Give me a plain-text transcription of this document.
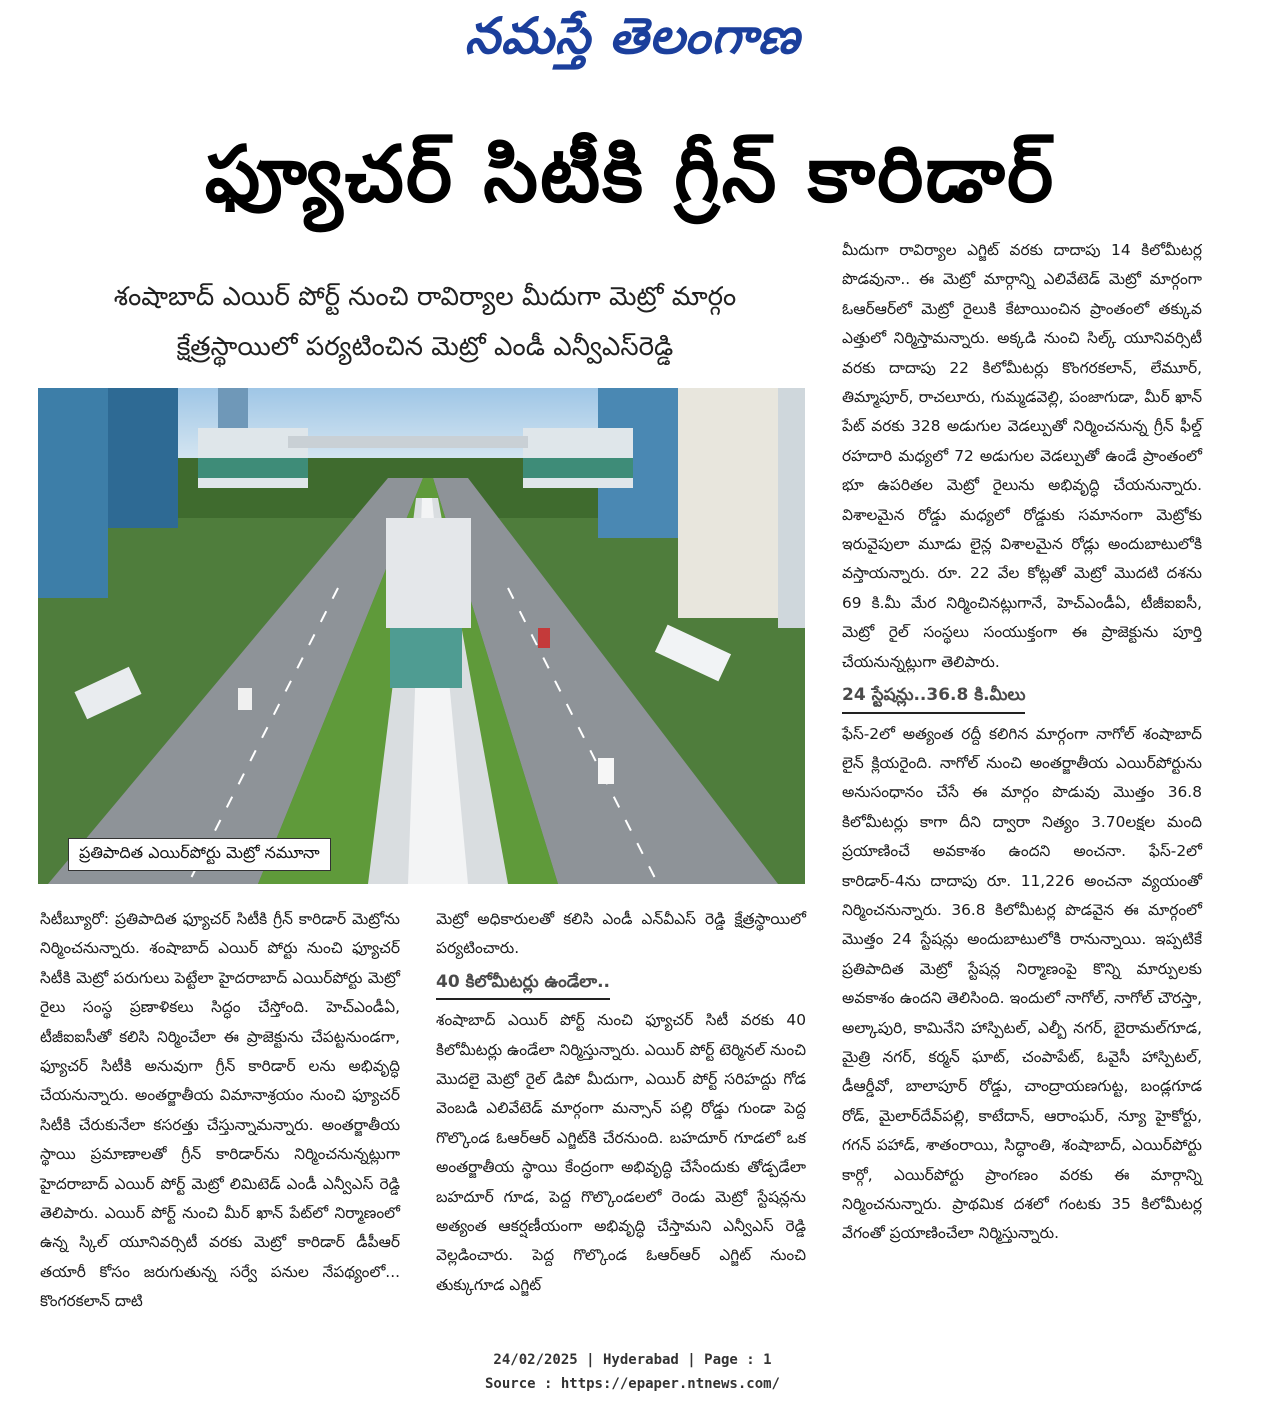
నమస్తే తెలంగాణ
ఫ్యూచర్ సిటీకి గ్రీన్ కారిడార్
శంషాబాద్ ఎయిర్ పోర్ట్ నుంచి రావిర్యాల మీదుగా మెట్రో మార్గం
క్షేత్రస్థాయిలో పర్యటించిన మెట్రో ఎండీ ఎన్వీఎస్‌రెడ్డి
ప్రతిపాదిత ఎయిర్‌పోర్టు మెట్రో నమూనా

మీదుగా రావిర్యాల ఎగ్జిట్ వరకు దాదాపు 14 కిలోమీటర్ల పొడవునా.. ఈ మెట్రో మార్గాన్ని ఎలివేటెడ్ మెట్రో మార్గంగా ఓఆర్ఆర్‌లో మెట్రో రైలుకి కేటాయించిన ప్రాంతంలో తక్కువ ఎత్తులో నిర్మిస్తామన్నారు. అక్కడి నుంచి సిల్క్ యూనివర్సిటీ వరకు దాదాపు 22 కిలోమీటర్లు కొంగరకలాన్, లేమూర్, తిమ్మాపూర్, రాచలూరు, గుమ్మడవెల్లి, పంజాగుడా, మీర్ ఖాన్ పేట్ వరకు 328 అడుగుల వెడల్పుతో నిర్మించనున్న గ్రీన్ ఫీల్డ్ రహదారి మధ్యలో 72 అడుగుల వెడల్పుతో ఉండే ప్రాంతంలో భూ ఉపరితల మెట్రో రైలును అభివృద్ధి చేయనున్నారు. విశాలమైన రోడ్డు మధ్యలో రోడ్డుకు సమానంగా మెట్రోకు ఇరువైపులా మూడు లైన్ల విశాలమైన రోడ్లు అందుబాటులోకి వస్తాయన్నారు. రూ. 22 వేల కోట్లతో మెట్రో మొదటి దశను 69 కి.మీ మేర నిర్మించినట్లుగానే, హెచ్‌ఎండీఏ, టీజీఐఐసీ, మెట్రో రైల్ సంస్థలు సంయుక్తంగా ఈ ప్రాజెక్టును పూర్తి చేయనున్నట్లుగా తెలిపారు.

24 స్టేషన్లు..36.8 కి.మీలు

ఫేస్-2లో అత్యంత రద్దీ కలిగిన మార్గంగా నాగోల్ శంషాబాద్ లైన్ క్లియరైంది. నాగోల్ నుంచి అంతర్జాతీయ ఎయిర్‌పోర్టును అనుసంధానం చేసే ఈ మార్గం పొడువు మొత్తం 36.8 కిలోమీటర్లు కాగా దీని ద్వారా నిత్యం 3.70లక్షల మంది ప్రయాణించే అవకాశం ఉందని అంచనా. ఫేస్-2లో కారిడార్-4ను దాదాపు రూ. 11,226 అంచనా వ్యయంతో నిర్మించనున్నారు. 36.8 కిలోమీటర్ల పొడవైన ఈ మార్గంలో మొత్తం 24 స్టేషన్లు అందుబాటులోకి రానున్నాయి. ఇప్పటికే ప్రతిపాదిత మెట్రో స్టేషన్ల నిర్మాణంపై కొన్ని మార్పులకు అవకాశం ఉందని తెలిసింది. ఇందులో నాగోల్, నాగోల్ చౌరస్తా, అల్కాపురి, కామినేని హాస్పిటల్, ఎల్బీ నగర్, బైరామల్‌గూడ, మైత్రి నగర్, కర్మన్ ఘాట్, చంపాపేట్, ఓవైసీ హాస్పిటల్, డీఆర్డీవో, బాలాపూర్ రోడ్డు, చాంద్రాయణగుట్ట, బండ్లగూడ రోడ్, మైలార్‌దేవ్‌పల్లి, కాటేదాన్, ఆరాంఘర్, న్యూ హైకోర్టు, గగన్ పహాడ్, శాతంరాయి, సిద్ధాంతి, శంషాబాద్, ఎయిర్‌పోర్టు కార్గో, ఎయిర్‌పోర్టు ప్రాంగణం వరకు ఈ మార్గాన్ని నిర్మించనున్నారు. ప్రాథమిక దశలో గంటకు 35 కిలోమీటర్ల వేగంతో ప్రయాణించేలా నిర్మిస్తున్నారు.

సిటీబ్యూరో: ప్రతిపాదిత ఫ్యూచర్ సిటీకి గ్రీన్ కారిడార్ మెట్రోను నిర్మించనున్నారు. శంషాబాద్ ఎయిర్ పోర్టు నుంచి ఫ్యూచర్ సిటీకి మెట్రో పరుగులు పెట్టేలా హైదరాబాద్ ఎయిర్‌పోర్టు మెట్రో రైలు సంస్థ ప్రణాళికలు సిద్ధం చేస్తోంది. హెచ్‌ఎండీఏ, టీజీఐఐసీతో కలిసి నిర్మించేలా ఈ ప్రాజెక్టును చేపట్టనుండగా, ఫ్యూచర్ సిటీకి అనువుగా గ్రీన్ కారిడార్ లను అభివృద్ధి చేయనున్నారు. అంతర్జాతీయ విమానాశ్రయం నుంచి ఫ్యూచర్ సిటీకి చేరుకునేలా కసరత్తు చేస్తున్నామన్నారు. అంతర్జాతీయ స్థాయి ప్రమాణాలతో గ్రీన్ కారిడార్‌ను నిర్మించనున్నట్లుగా హైదరాబాద్ ఎయిర్ పోర్ట్ మెట్రో లిమిటెడ్ ఎండీ ఎన్వీఎస్ రెడ్డి తెలిపారు. ఎయిర్ పోర్ట్ నుంచి మీర్ ఖాన్ పేట్‌లో నిర్మాణంలో ఉన్న స్కిల్ యూనివర్సిటీ వరకు మెట్రో కారిడార్ డీపీఆర్ తయారీ కోసం జరుగుతున్న సర్వే పనుల నేపథ్యంలో... కొంగరకలాన్ దాటి

మెట్రో అధికారులతో కలిసి ఎండీ ఎన్‌వీఎస్ రెడ్డి క్షేత్రస్థాయిలో పర్యటించారు.

40 కిలోమీటర్లు ఉండేలా..

శంషాబాద్ ఎయిర్ పోర్ట్ నుంచి ఫ్యూచర్ సిటీ వరకు 40 కిలోమీటర్లు ఉండేలా నిర్మిస్తున్నారు. ఎయిర్ పోర్ట్ టెర్మినల్ నుంచి మొదలై మెట్రో రైల్ డిపో మీదుగా, ఎయిర్ పోర్ట్ సరిహద్దు గోడ వెంబడి ఎలివేటెడ్ మార్గంగా మన్సాన్ పల్లి రోడ్డు గుండా పెద్ద గొల్కొండ ఓఆర్ఆర్ ఎగ్జిట్‌కి చేరనుంది. బహదూర్ గూడలో ఒక అంతర్జాతీయ స్థాయి కేంద్రంగా అభివృద్ధి చేసేందుకు తోడ్పడేలా బహదూర్ గూడ, పెద్ద గొల్కొండలలో రెండు మెట్రో స్టేషన్లను అత్యంత ఆకర్షణీయంగా అభివృద్ధి చేస్తామని ఎన్వీఎస్ రెడ్డి వెల్లడించారు. పెద్ద గొల్కొండ ఓఆర్ఆర్ ఎగ్జిట్ నుంచి తుక్కుగూడ ఎగ్జిట్

24/02/2025 | Hyderabad | Page : 1
Source : https://epaper.ntnews.com/
